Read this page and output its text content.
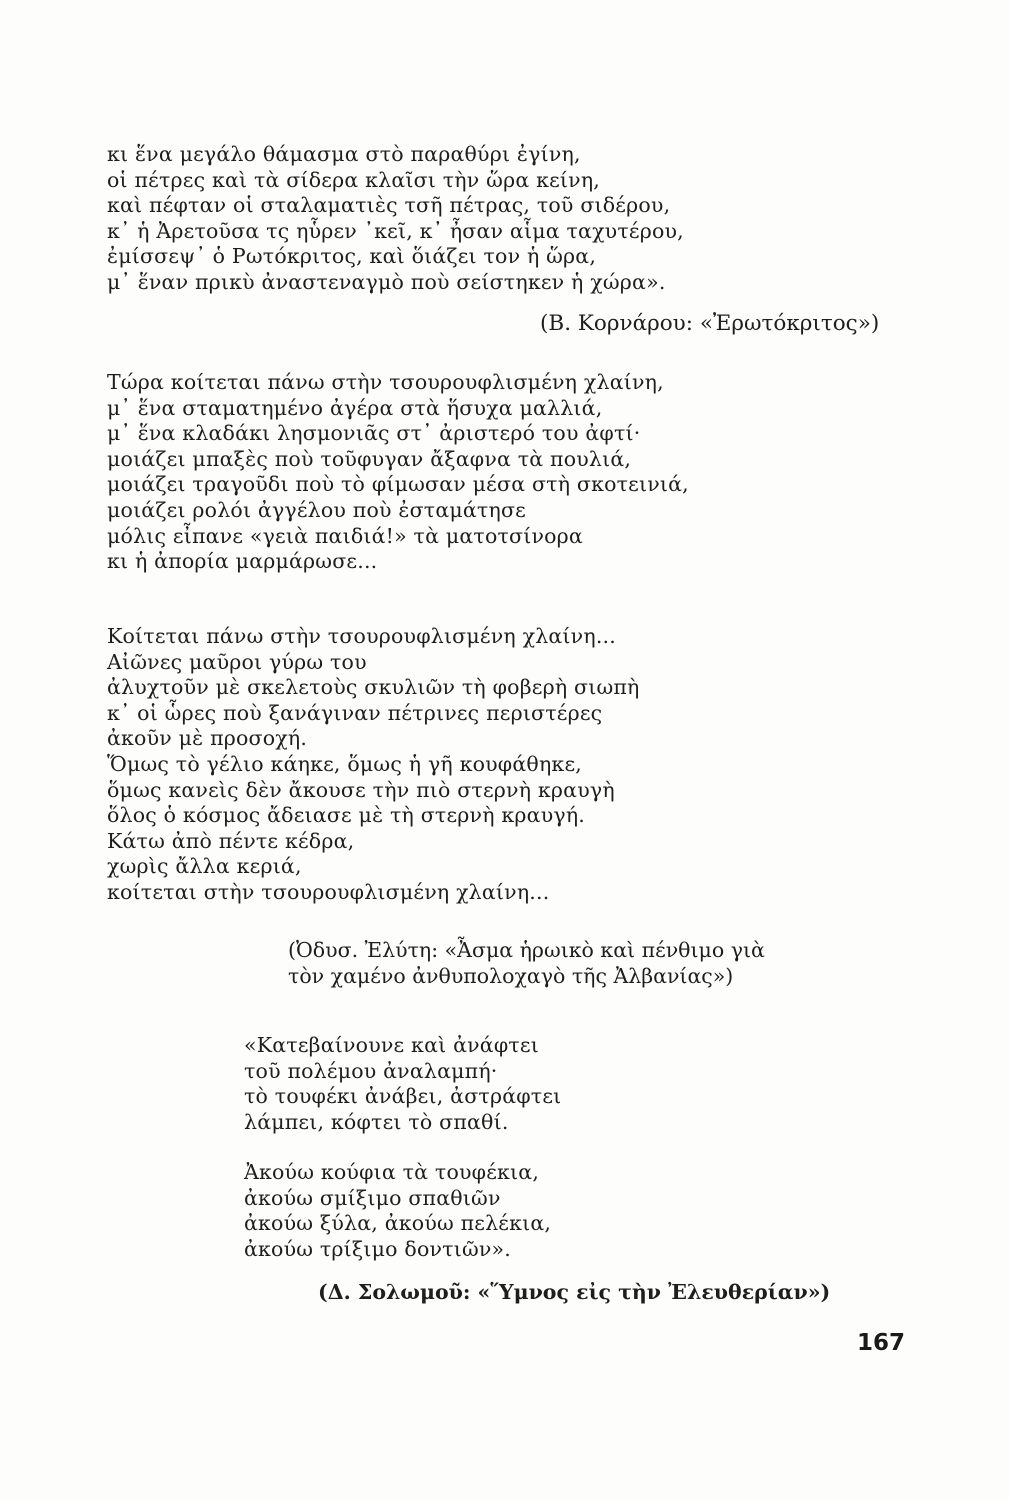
κι ἕνα μεγάλο θάμασμα στὸ παραθύρι ἐγίνη,
οἱ πέτρες καὶ τὰ σίδερα κλαῖσι τὴν ὥρα κείνη,
καὶ πέφταν οἱ σταλαματιὲς τσῆ πέτρας, τοῦ σιδέρου,
κ᾽ ἡ Ἀρετοῦσα τς ηὗρεν ᾽κεῖ, κ᾽ ἦσαν αἷμα ταχυτέρου,
ἐμίσσεψ᾽ ὁ Ρωτόκριτος, καὶ ὅιάζει τον ἡ ὥρα,
μ᾽ ἕναν πρικὺ ἀναστεναγμὸ ποὺ σείστηκεν ἡ χώρα».
(Β. Κορνάρου: «Ἐρωτόκριτος»)
Τώρα κοίτεται πάνω στὴν τσουρουφλισμένη χλαίνη,
μ᾽ ἕνα σταματημένο ἀγέρα στὰ ἥσυχα μαλλιά,
μ᾽ ἕνα κλαδάκι λησμονιᾶς στ᾽ ἀριστερό του ἀφτί·
μοιάζει μπαξὲς ποὺ τοῦφυγαν ἄξαφνα τὰ πουλιά,
μοιάζει τραγοῦδι ποὺ τὸ φίμωσαν μέσα στὴ σκοτεινιά,
μοιάζει ρολόι ἀγγέλου ποὺ ἐσταμάτησε
μόλις εἶπανε «γειὰ παιδιά!» τὰ ματοτσίνορα
κι ἡ ἀπορία μαρμάρωσε...
Κοίτεται πάνω στὴν τσουρουφλισμένη χλαίνη...
Αἰῶνες μαῦροι γύρω του
ἀλυχτοῦν μὲ σκελετοὺς σκυλιῶν τὴ φοβερὴ σιωπὴ
κ᾽ οἱ ὧρες ποὺ ξανάγιναν πέτρινες περιστέρες
ἀκοῦν μὲ προσοχή.
Ὅμως τὸ γέλιο κάηκε, ὅμως ἡ γῆ κουφάθηκε,
ὅμως κανεὶς δὲν ἄκουσε τὴν πιὸ στερνὴ κραυγὴ
ὅλος ὁ κόσμος ἄδειασε μὲ τὴ στερνὴ κραυγή.
Κάτω ἀπὸ πέντε κέδρα,
χωρὶς ἄλλα κεριά,
κοίτεται στὴν τσουρουφλισμένη χλαίνη...
(Ὀδυσ. Ἐλύτη: «Ἆσμα ἡρωικὸ καὶ πένθιμο γιὰ
τὸν χαμένο ἀνθυπολοχαγὸ τῆς Ἀλβανίας»)
«Κατεβαίνουνε καὶ ἀνάφτει
τοῦ πολέμου ἀναλαμπή·
τὸ τουφέκι ἀνάβει, ἀστράφτει
λάμπει, κόφτει τὸ σπαθί.
Ἀκούω κούφια τὰ τουφέκια,
ἀκούω σμίξιμο σπαθιῶν
ἀκούω ξύλα, ἀκούω πελέκια,
ἀκούω τρίξιμο δοντιῶν».
(Δ. Σολωμοῦ: «Ὕμνος εἰς τὴν Ἐλευθερίαν»)
167
